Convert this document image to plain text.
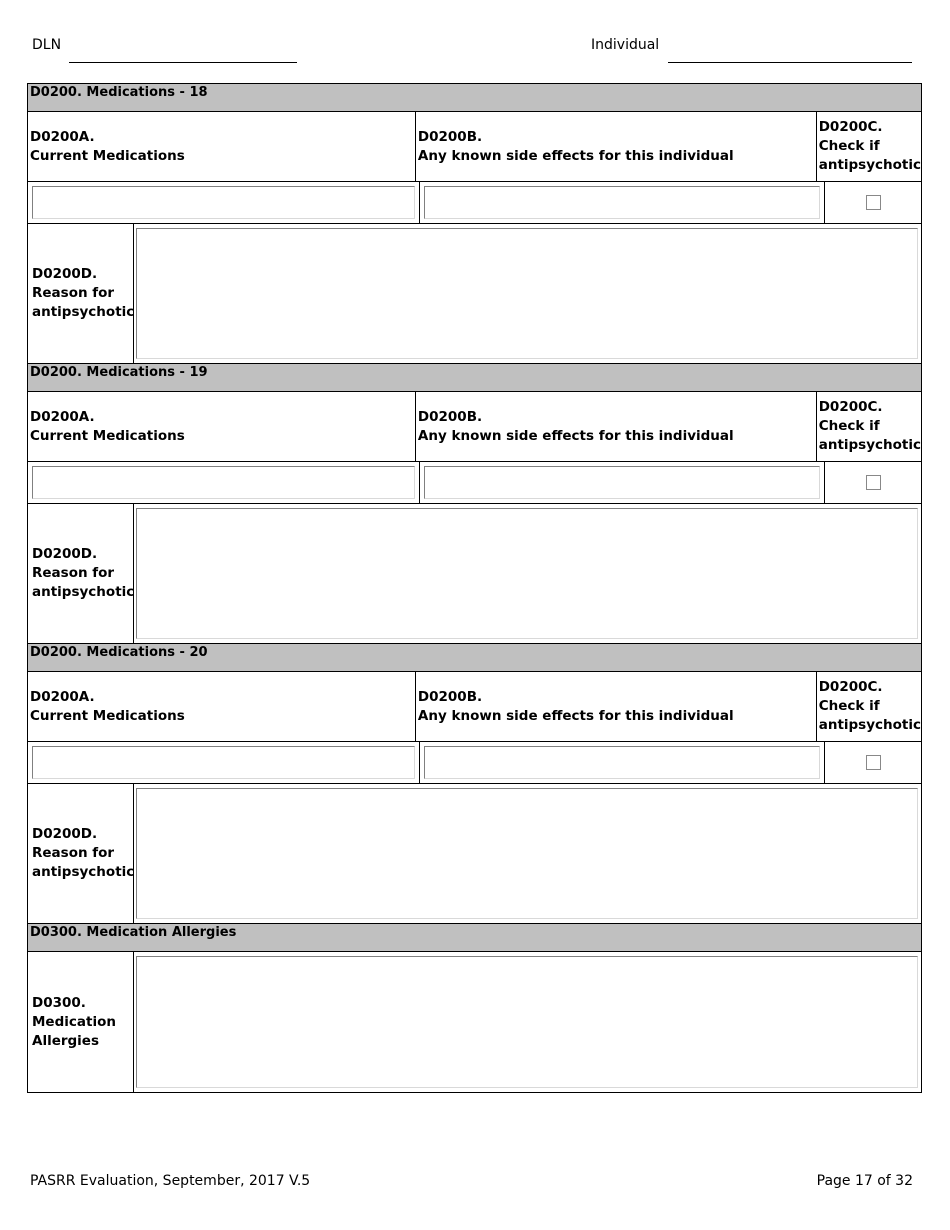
DLN	Individual
D0200. Medications - 18
D0200A.
Current Medications
D0200B.
Any known side effects for this individual
D0200C.
Check if
antipsychotic
D0200D.
Reason for
antipsychotic
D0200. Medications - 19
D0200A.
Current Medications
D0200B.
Any known side effects for this individual
D0200C.
Check if
antipsychotic
D0200D.
Reason for
antipsychotic
D0200. Medications - 20
D0200A.
Current Medications
D0200B.
Any known side effects for this individual
D0200C.
Check if
antipsychotic
D0200D.
Reason for
antipsychotic
D0300. Medication Allergies
D0300.
Medication
Allergies
PASRR Evaluation, September, 2017 V.5	Page 17 of 32
